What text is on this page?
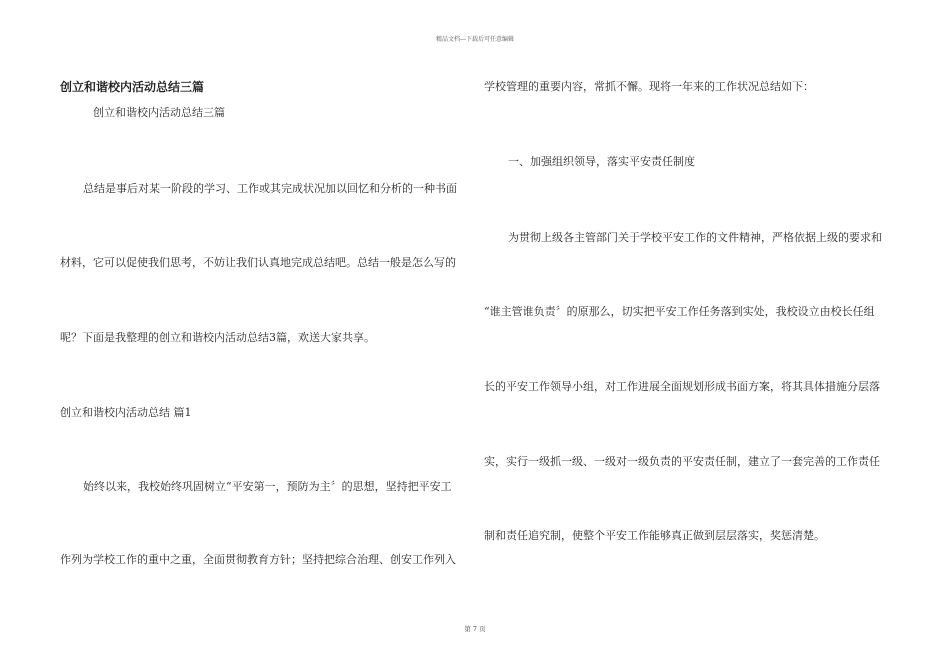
精品文档---下载后可任意编辑
创立和谐校内活动总结三篇
创立和谐校内活动总结三篇
总结是事后对某一阶段的学习、工作或其完成状况加以回忆和分析的一种书面
材料，它可以促使我们思考，不妨让我们认真地完成总结吧。总结一般是怎么写的
呢？下面是我整理的创立和谐校内活动总结3篇，欢送大家共享。
创立和谐校内活动总结 篇1
始终以来，我校始终巩固树立“平安第一，预防为主〞的思想，坚持把平安工
作列为学校工作的重中之重，全面贯彻教育方针；坚持把综合治理、创安工作列入
学校管理的重要内容，常抓不懈。现将一年来的工作状况总结如下：
一、加强组织领导，落实平安责任制度
为贯彻上级各主管部门关于学校平安工作的文件精神，严格依据上级的要求和
“谁主管谁负责〞的原那么，切实把平安工作任务落到实处，我校设立由校长任组
长的平安工作领导小组，对工作进展全面规划形成书面方案，将其具体措施分层落
实，实行一级抓一级、一级对一级负责的平安责任制，建立了一套完善的工作责任
制和责任追究制，使整个平安工作能够真正做到层层落实，奖惩清楚。
第 7 页
